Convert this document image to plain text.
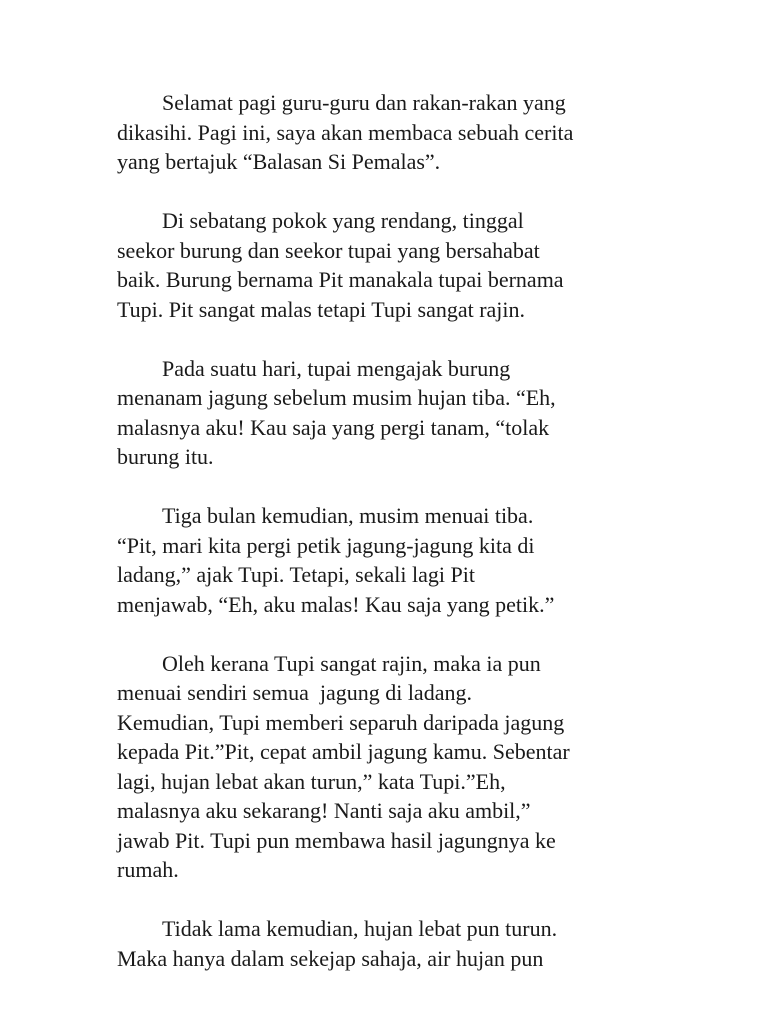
Selamat pagi guru-guru dan rakan-rakan yang
dikasihi. Pagi ini, saya akan membaca sebuah cerita
yang bertajuk “Balasan Si Pemalas”.

Di sebatang pokok yang rendang, tinggal
seekor burung dan seekor tupai yang bersahabat
baik. Burung bernama Pit manakala tupai bernama
Tupi. Pit sangat malas tetapi Tupi sangat rajin.

Pada suatu hari, tupai mengajak burung
menanam jagung sebelum musim hujan tiba. “Eh,
malasnya aku! Kau saja yang pergi tanam, “tolak
burung itu.

Tiga bulan kemudian, musim menuai tiba.
“Pit, mari kita pergi petik jagung-jagung kita di
ladang,” ajak Tupi. Tetapi, sekali lagi Pit
menjawab, “Eh, aku malas! Kau saja yang petik.”

Oleh kerana Tupi sangat rajin, maka ia pun
menuai sendiri semua  jagung di ladang.
Kemudian, Tupi memberi separuh daripada jagung
kepada Pit.”Pit, cepat ambil jagung kamu. Sebentar
lagi, hujan lebat akan turun,” kata Tupi.”Eh,
malasnya aku sekarang! Nanti saja aku ambil,”
jawab Pit. Tupi pun membawa hasil jagungnya ke
rumah.

Tidak lama kemudian, hujan lebat pun turun.
Maka hanya dalam sekejap sahaja, air hujan pun
